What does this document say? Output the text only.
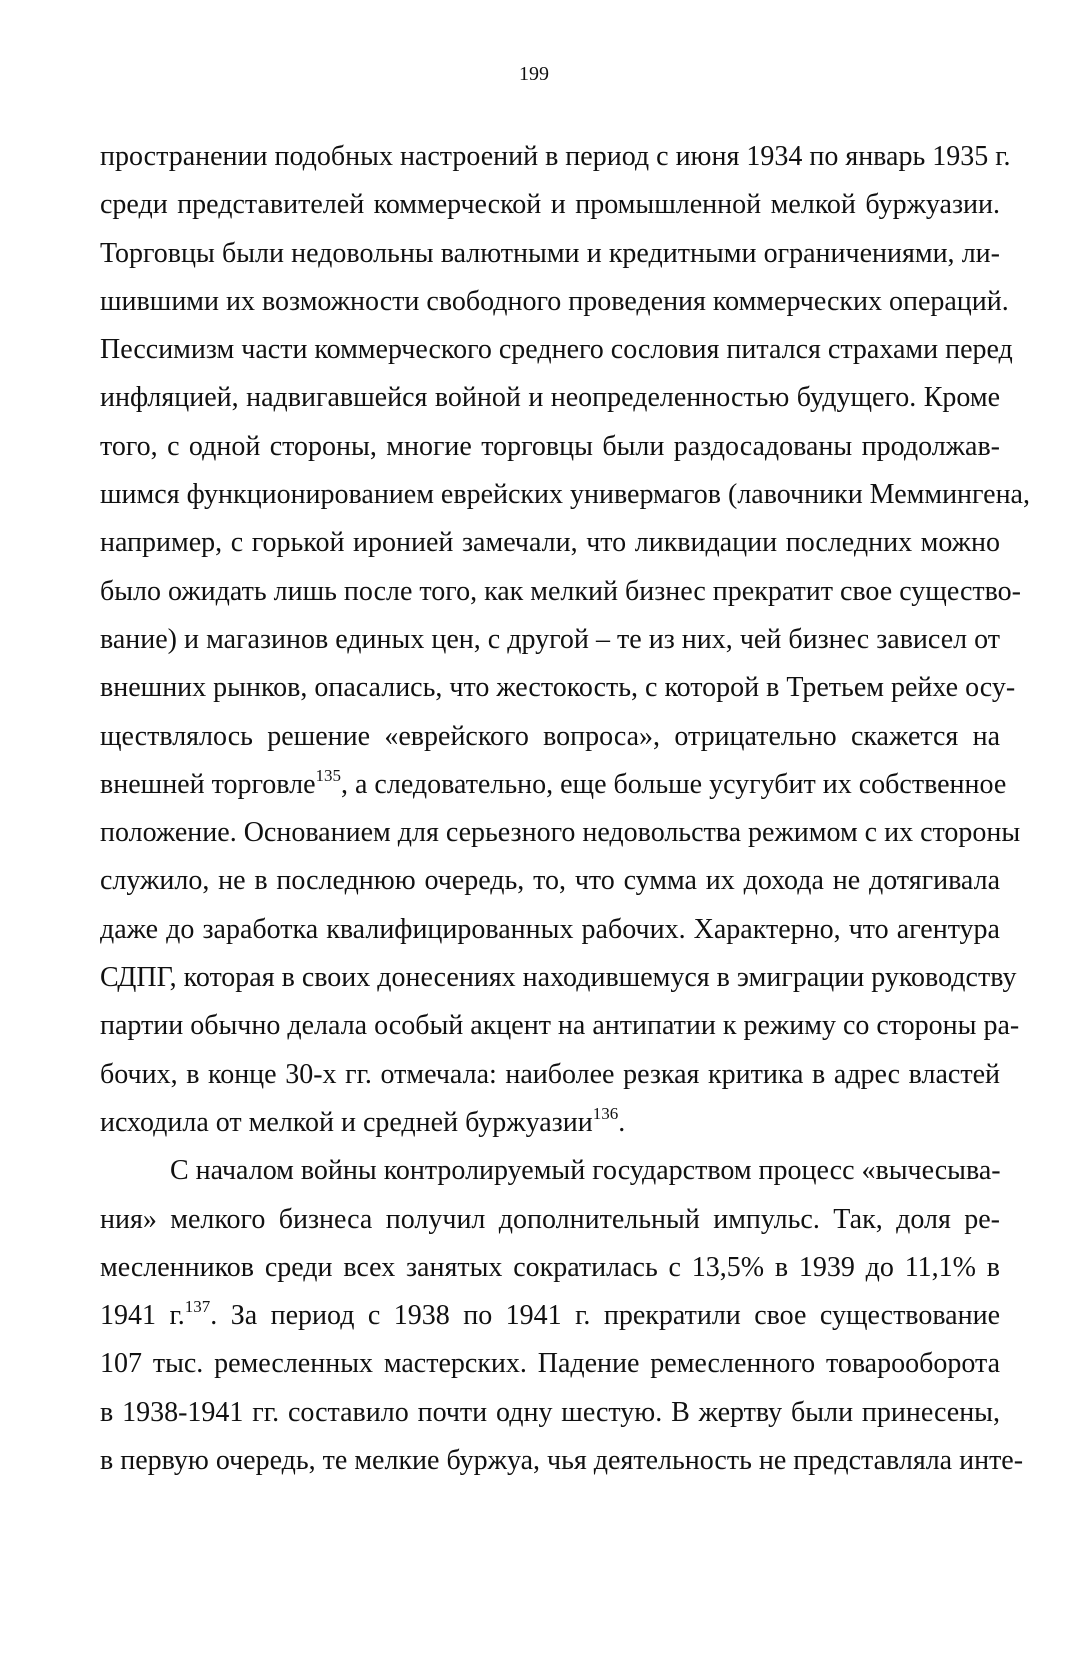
199
пространении подобных настроений в период с июня 1934 по январь 1935 г.
среди представителей коммерческой и промышленной мелкой буржуазии.
Торговцы были недовольны валютными и кредитными ограничениями, ли-
шившими их возможности свободного проведения коммерческих операций.
Пессимизм части коммерческого среднего сословия питался страхами перед
инфляцией, надвигавшейся войной и неопределенностью будущего. Кроме
того, с одной стороны, многие торговцы были раздосадованы продолжав-
шимся функционированием еврейских универмагов (лавочники Меммингена,
например, с горькой иронией замечали, что ликвидации последних можно
было ожидать лишь после того, как мелкий бизнес прекратит свое существо-
вание) и магазинов единых цен, с другой – те из них, чей бизнес зависел от
внешних рынков, опасались, что жестокость, с которой в Третьем рейхе осу-
ществлялось решение «еврейского вопроса», отрицательно скажется на
внешней торговле$^{135}$, а следовательно, еще больше усугубит их собственное
положение. Основанием для серьезного недовольства режимом с их стороны
служило, не в последнюю очередь, то, что сумма их дохода не дотягивала
даже до заработка квалифицированных рабочих. Характерно, что агентура
СДПГ, которая в своих донесениях находившемуся в эмиграции руководству
партии обычно делала особый акцент на антипатии к режиму со стороны ра-
бочих, в конце 30-х гг. отмечала: наиболее резкая критика в адрес властей
исходила от мелкой и средней буржуазии$^{136}$.
С началом войны контролируемый государством процесс «вычесыва-
ния» мелкого бизнеса получил дополнительный импульс. Так, доля ре-
месленников среди всех занятых сократилась с 13,5% в 1939 до 11,1% в
1941 г.$^{137}$. За период с 1938 по 1941 г. прекратили свое существование
107 тыс. ремесленных мастерских. Падение ремесленного товарооборота
в 1938-1941 гг. составило почти одну шестую. В жертву были принесены,
в первую очередь, те мелкие буржуа, чья деятельность не представляла инте-
